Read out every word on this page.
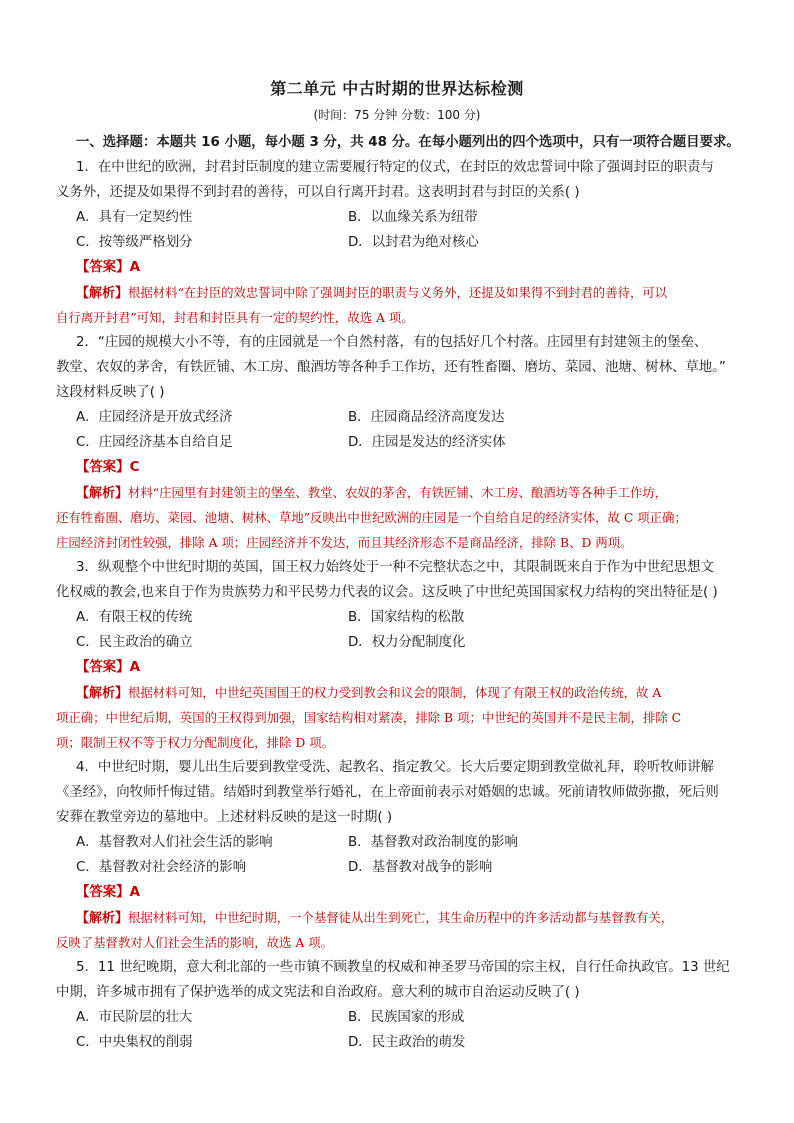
第二单元 中古时期的世界达标检测
(时间：75 分钟 分数：100 分)
一、选择题：本题共 16 小题，每小题 3 分，共 48 分。在每小题列出的四个选项中，只有一项符合题目要求。
1．在中世纪的欧洲，封君封臣制度的建立需要履行特定的仪式，在封臣的效忠誓词中除了强调封臣的职责与
义务外，还提及如果得不到封君的善待，可以自行离开封君。这表明封君与封臣的关系( )
A．具有一定契约性	B．以血缘关系为纽带
C．按等级严格划分	D．以封君为绝对核心
【答案】A
【解析】根据材料“在封臣的效忠誓词中除了强调封臣的职责与义务外，还提及如果得不到封君的善待，可以
自行离开封君”可知，封君和封臣具有一定的契约性，故选 A 项。
2．“庄园的规模大小不等，有的庄园就是一个自然村落，有的包括好几个村落。庄园里有封建领主的堡垒、
教堂、农奴的茅舍，有铁匠铺、木工房、酿酒坊等各种手工作坊，还有牲畜圈、磨坊、菜园、池塘、树林、草地。”
这段材料反映了( )
A．庄园经济是开放式经济	B．庄园商品经济高度发达
C．庄园经济基本自给自足	D．庄园是发达的经济实体
【答案】C
【解析】材料“庄园里有封建领主的堡垒、教堂、农奴的茅舍，有铁匠铺、木工房、酿酒坊等各种手工作坊，
还有牲畜圈、磨坊、菜园、池塘、树林、草地”反映出中世纪欧洲的庄园是一个自给自足的经济实体，故 C 项正确；
庄园经济封闭性较强，排除 A 项；庄园经济并不发达，而且其经济形态不是商品经济，排除 B、D 两项。
3．纵观整个中世纪时期的英国，国王权力始终处于一种不完整状态之中，其限制既来自于作为中世纪思想文
化权威的教会,也来自于作为贵族势力和平民势力代表的议会。这反映了中世纪英国国家权力结构的突出特征是( )
A．有限王权的传统	B．国家结构的松散
C．民主政治的确立	D．权力分配制度化
【答案】A
【解析】根据材料可知，中世纪英国国王的权力受到教会和议会的限制，体现了有限王权的政治传统，故 A
项正确；中世纪后期，英国的王权得到加强，国家结构相对紧凑，排除 B 项；中世纪的英国并不是民主制，排除 C
项；限制王权不等于权力分配制度化，排除 D 项。
4．中世纪时期，婴儿出生后要到教堂受洗、起教名、指定教父。长大后要定期到教堂做礼拜，聆听牧师讲解
《圣经》，向牧师忏悔过错。结婚时到教堂举行婚礼，在上帝面前表示对婚姻的忠诚。死前请牧师做弥撒，死后则
安葬在教堂旁边的墓地中。上述材料反映的是这一时期( )
A．基督教对人们社会生活的影响	B．基督教对政治制度的影响
C．基督教对社会经济的影响	D．基督教对战争的影响
【答案】A
【解析】根据材料可知，中世纪时期，一个基督徒从出生到死亡，其生命历程中的许多活动都与基督教有关，
反映了基督教对人们社会生活的影响，故选 A 项。
5．11 世纪晚期，意大利北部的一些市镇不顾教皇的权威和神圣罗马帝国的宗主权，自行任命执政官。13 世纪
中期，许多城市拥有了保护选举的成文宪法和自治政府。意大利的城市自治运动反映了( )
A．市民阶层的壮大	B．民族国家的形成
C．中央集权的削弱	D．民主政治的萌发
